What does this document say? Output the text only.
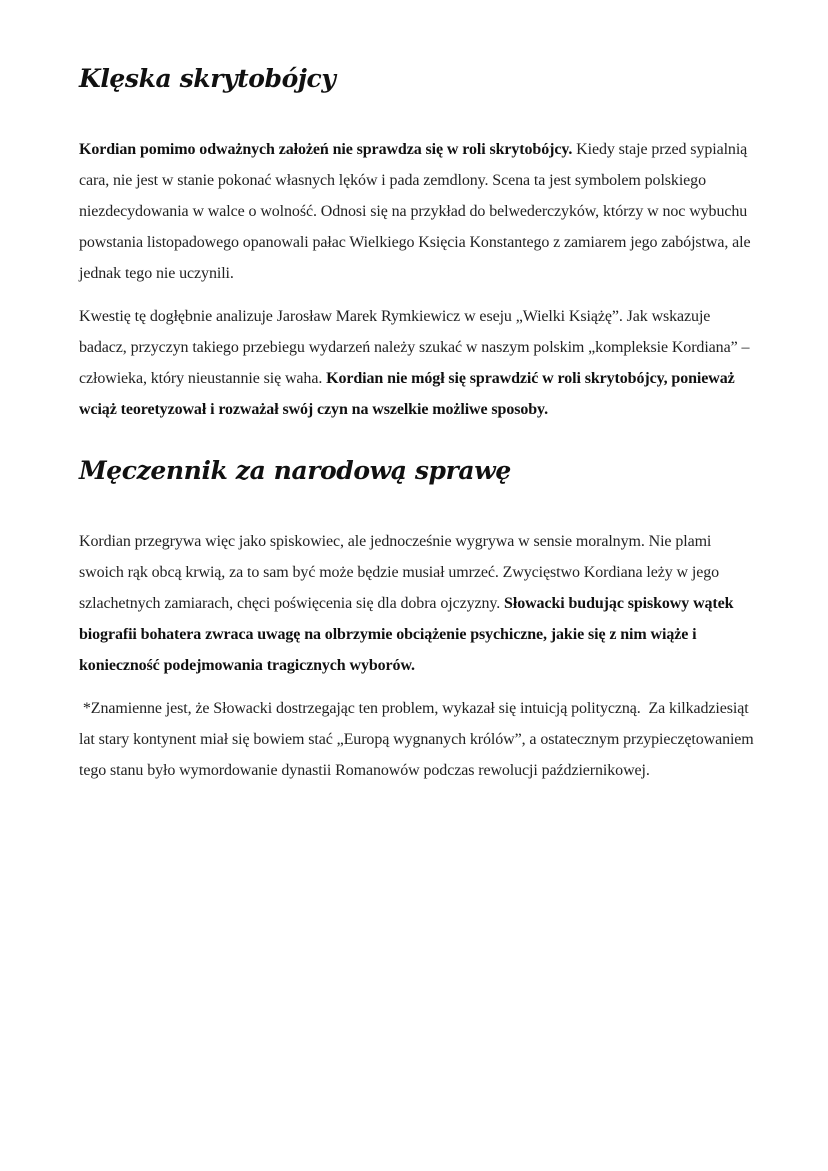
Klęska skrytobójcy

Kordian pomimo odważnych założeń nie sprawdza się w roli skrytobójcy. Kiedy staje przed sypialnią cara, nie jest w stanie pokonać własnych lęków i pada zemdlony. Scena ta jest symbolem polskiego niezdecydowania w walce o wolność. Odnosi się na przykład do belwederczyków, którzy w noc wybuchu powstania listopadowego opanowali pałac Wielkiego Księcia Konstantego z zamiarem jego zabójstwa, ale jednak tego nie uczynili.

Kwestię tę dogłębnie analizuje Jarosław Marek Rymkiewicz w eseju „Wielki Książę”. Jak wskazuje badacz, przyczyn takiego przebiegu wydarzeń należy szukać w naszym polskim „kompleksie Kordiana” – człowieka, który nieustannie się waha. Kordian nie mógł się sprawdzić w roli skrytobójcy, ponieważ wciąż teoretyzował i rozważał swój czyn na wszelkie możliwe sposoby.

Męczennik za narodową sprawę

Kordian przegrywa więc jako spiskowiec, ale jednocześnie wygrywa w sensie moralnym. Nie plami swoich rąk obcą krwią, za to sam być może będzie musiał umrzeć. Zwycięstwo Kordiana leży w jego szlachetnych zamiarach, chęci poświęcenia się dla dobra ojczyzny. Słowacki budując spiskowy wątek biografii bohatera zwraca uwagę na olbrzymie obciążenie psychiczne, jakie się z nim wiąże i konieczność podejmowania tragicznych wyborów.

*Znamienne jest, że Słowacki dostrzegając ten problem, wykazał się intuicją polityczną.  Za kilkadziesiąt lat stary kontynent miał się bowiem stać „Europą wygnanych królów”, a ostatecznym przypieczętowaniem tego stanu było wymordowanie dynastii Romanowów podczas rewolucji październikowej.
